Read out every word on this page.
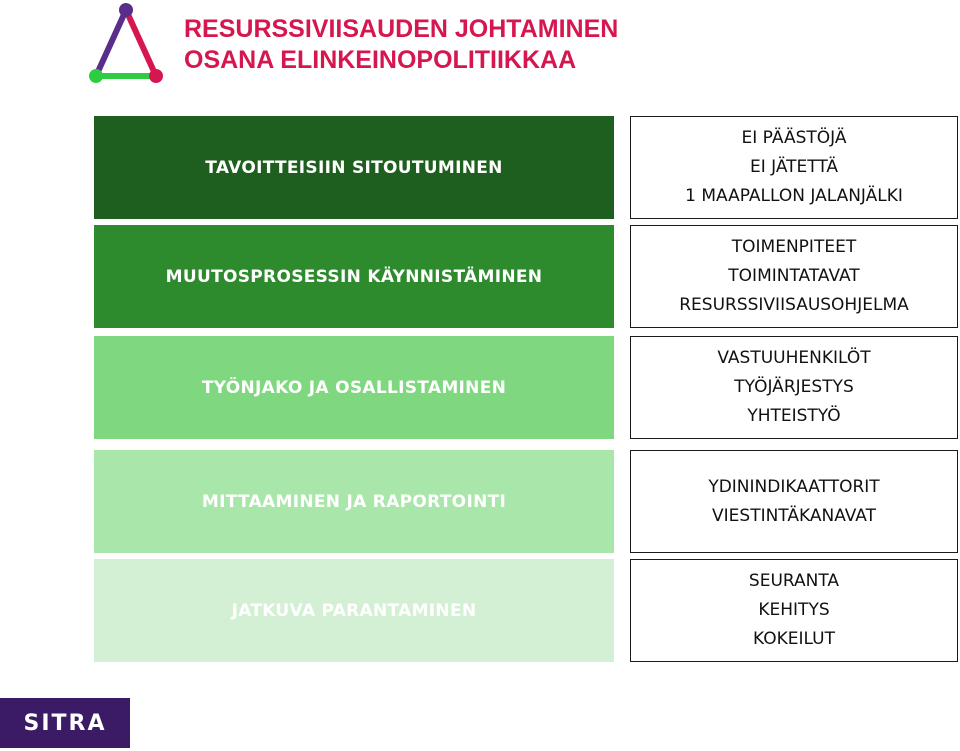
RESURSSIVIISAUDEN JOHTAMINEN
OSANA ELINKEINOPOLITIIKKAA
TAVOITTEISIIN SITOUTUMINEN
MUUTOSPROSESSIN KÄYNNISTÄMINEN
TYÖNJAKO JA OSALLISTAMINEN
MITTAAMINEN JA RAPORTOINTI
JATKUVA PARANTAMINEN
EI PÄÄSTÖJÄ
EI JÄTETTÄ
1 MAAPALLON JALANJÄLKI
TOIMENPITEET
TOIMINTATAVAT
RESURSSIVIISAUSOHJELMA
VASTUUHENKILÖT
TYÖJÄRJESTYS
YHTEISTYÖ
YDININDIKAATTORIT
VIESTINTÄKANAVAT
SEURANTA
KEHITYS
KOKEILUT
SITRA
